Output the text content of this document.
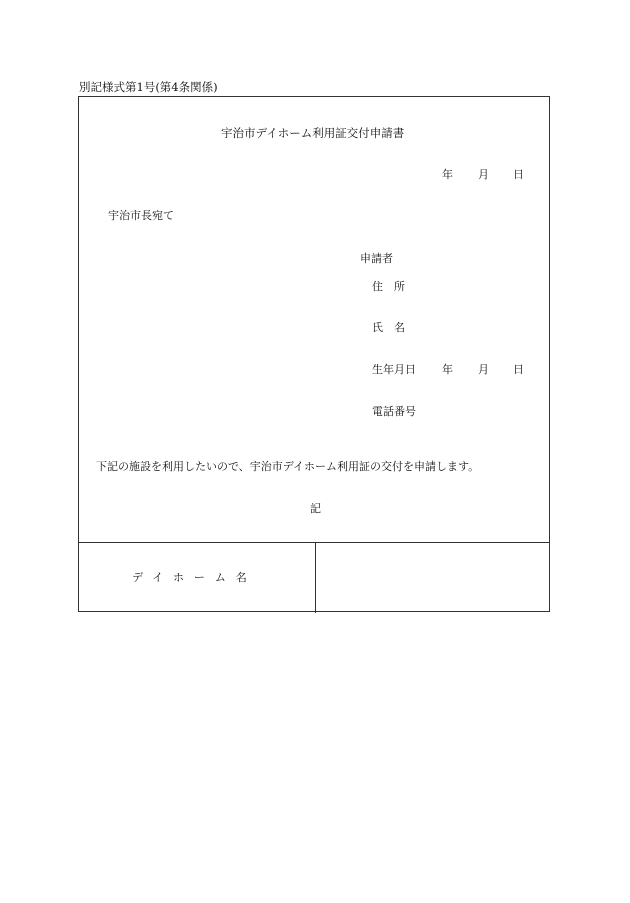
別記様式第1号(第4条関係)
宇治市デイホーム利用証交付申請書
年 月 日
宇治市長宛て
申請者
住　所
氏　名
生年月日 年 月 日
電話番号
下記の施設を利用したいので、宇治市デイホーム利用証の交付を申請します。
記
デイホーム名
